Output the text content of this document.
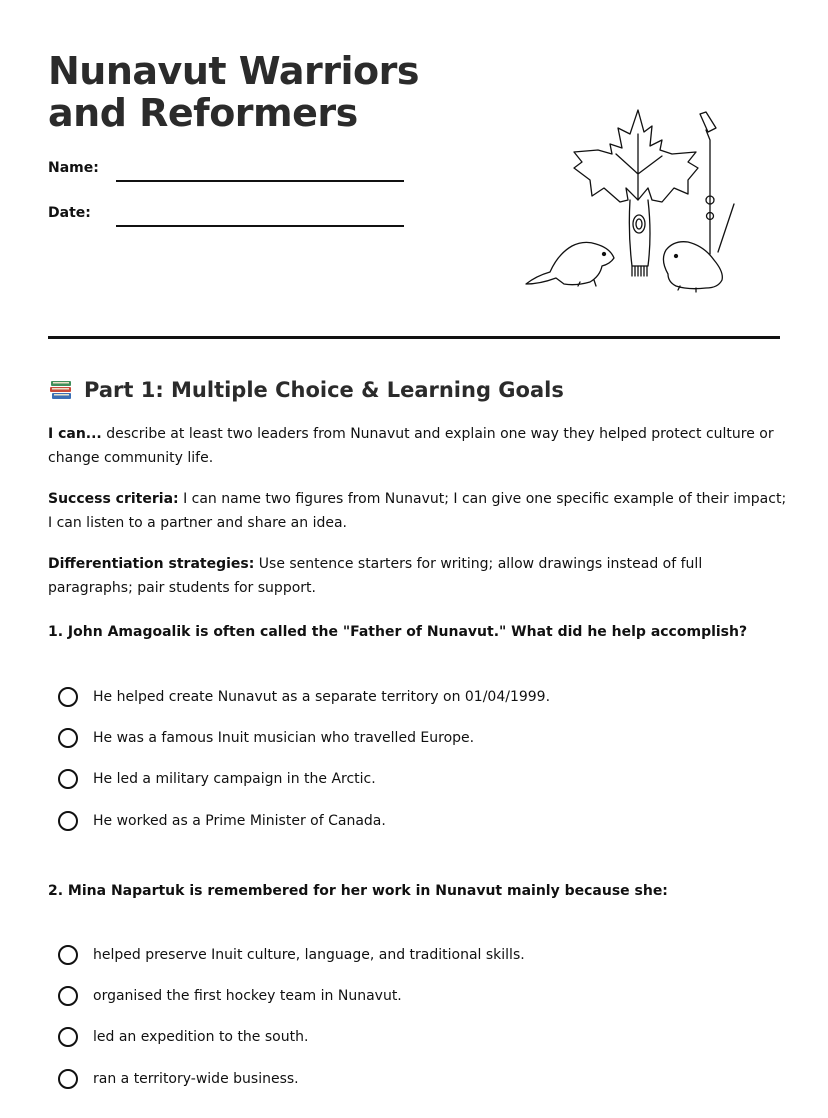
Nunavut Warriors and Reformers
Name:
Date:
Part 1: Multiple Choice & Learning Goals
I can... describe at least two leaders from Nunavut and explain one way they helped protect culture or change community life.
Success criteria: I can name two figures from Nunavut; I can give one specific example of their impact; I can listen to a partner and share an idea.
Differentiation strategies: Use sentence starters for writing; allow drawings instead of full paragraphs; pair students for support.
1. John Amagoalik is often called the "Father of Nunavut." What did he help accomplish?
He helped create Nunavut as a separate territory on 01/04/1999.
He was a famous Inuit musician who travelled Europe.
He led a military campaign in the Arctic.
He worked as a Prime Minister of Canada.
2. Mina Napartuk is remembered for her work in Nunavut mainly because she:
helped preserve Inuit culture, language, and traditional skills.
organised the first hockey team in Nunavut.
led an expedition to the south.
ran a territory-wide business.
